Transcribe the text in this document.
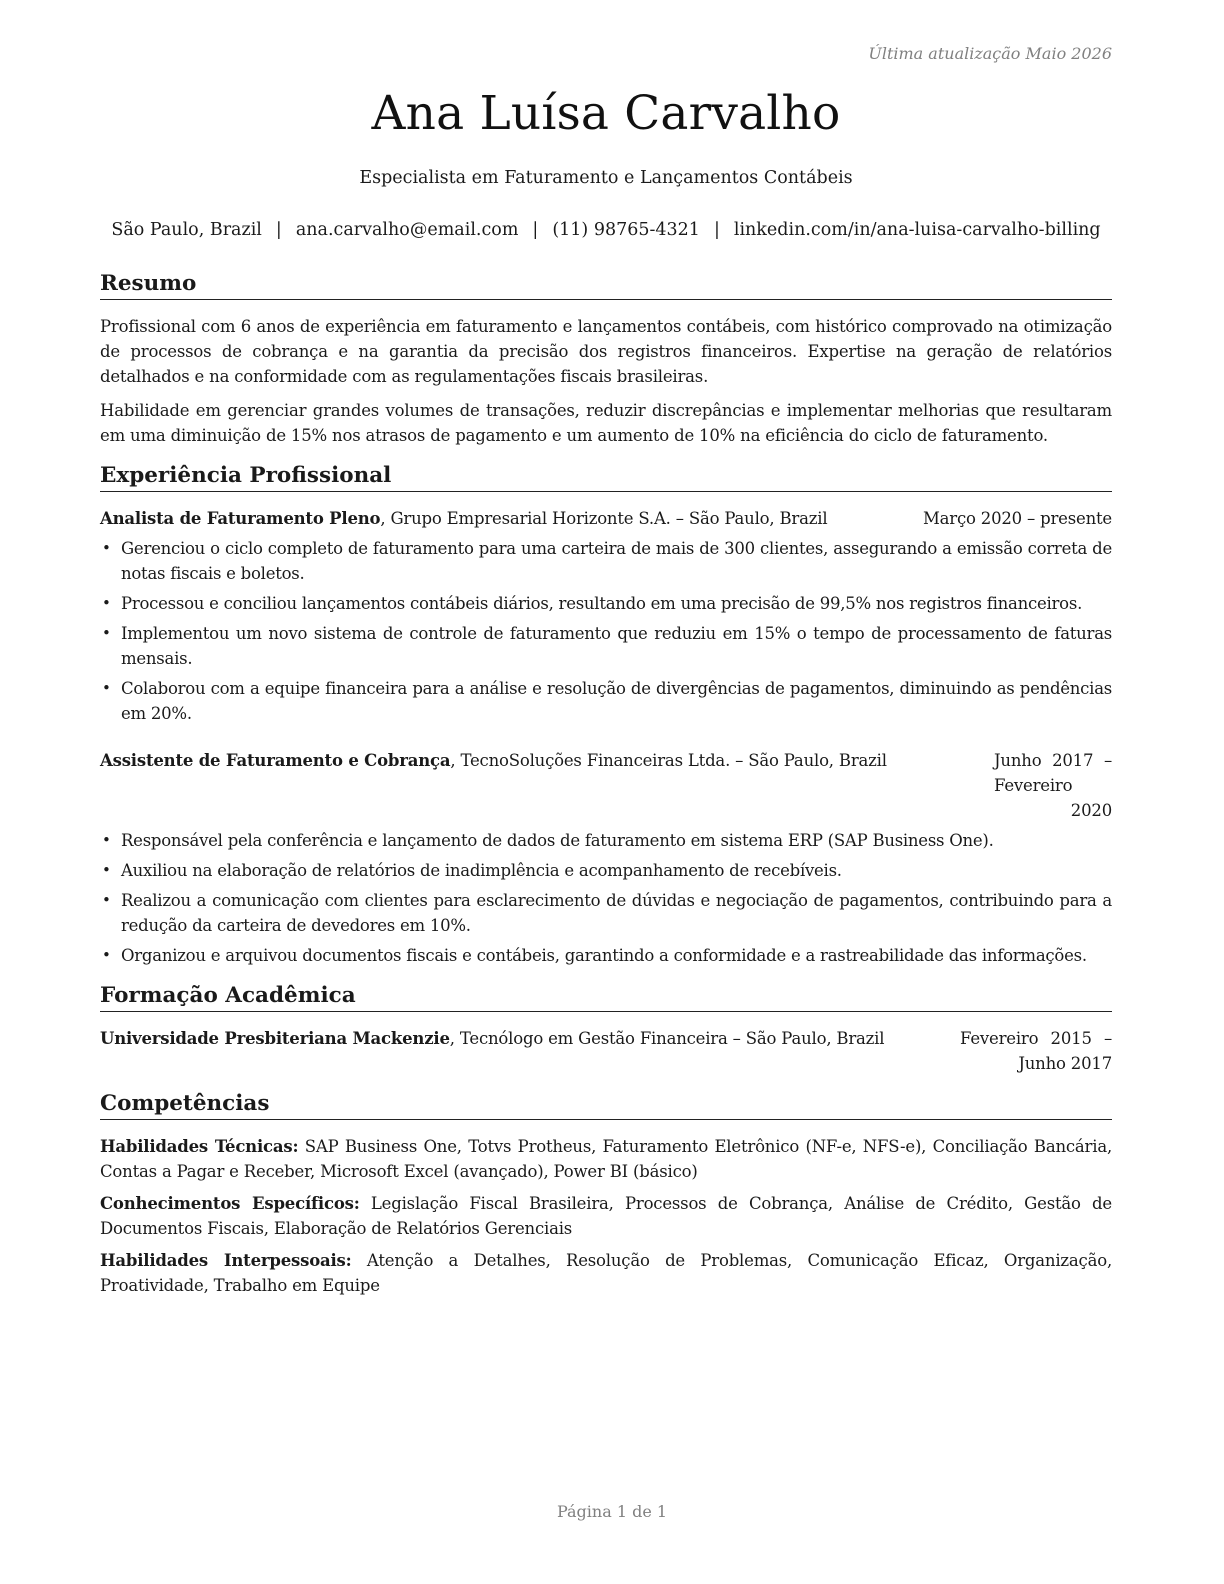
Última atualização Maio 2026
Ana Luísa Carvalho
Especialista em Faturamento e Lançamentos Contábeis
São Paulo, Brazil | ana.carvalho@email.com | (11) 98765-4321 | linkedin.com/in/ana-luisa-carvalho-billing
Resumo

Profissional com 6 anos de experiência em faturamento e lançamentos contábeis, com histórico comprovado na otimização de processos de cobrança e na garantia da precisão dos registros financeiros. Expertise na geração de relatórios detalhados e na conformidade com as regulamentações fiscais brasileiras.

Habilidade em gerenciar grandes volumes de transações, reduzir discrepâncias e implementar melhorias que resultaram em uma diminuição de 15% nos atrasos de pagamento e um aumento de 10% na eficiência do ciclo de faturamento.

Experiência Profissional
Analista de Faturamento Pleno, Grupo Empresarial Horizonte S.A. – São Paulo, Brazil	Março 2020 – presente
• Gerenciou o ciclo completo de faturamento para uma carteira de mais de 300 clientes, assegurando a emissão correta de notas fiscais e boletos.
• Processou e conciliou lançamentos contábeis diários, resultando em uma precisão de 99,5% nos registros financeiros.
• Implementou um novo sistema de controle de faturamento que reduziu em 15% o tempo de processamento de faturas mensais.
• Colaborou com a equipe financeira para a análise e resolução de divergências de pagamentos, diminuindo as pendências em 20%.
Assistente de Faturamento e Cobrança, TecnoSoluções Financeiras Ltda. – São Paulo, Brazil	Junho 2017 – Fevereiro 2020
• Responsável pela conferência e lançamento de dados de faturamento em sistema ERP (SAP Business One).
• Auxiliou na elaboração de relatórios de inadimplência e acompanhamento de recebíveis.
• Realizou a comunicação com clientes para esclarecimento de dúvidas e negociação de pagamentos, contribuindo para a redução da carteira de devedores em 10%.
• Organizou e arquivou documentos fiscais e contábeis, garantindo a conformidade e a rastreabilidade das informações.
Formação Acadêmica
Universidade Presbiteriana Mackenzie, Tecnólogo em Gestão Financeira – São Paulo, Brazil	Fevereiro 2015 – Junho 2017
Competências

Habilidades Técnicas: SAP Business One, Totvs Protheus, Faturamento Eletrônico (NF-e, NFS-e), Conciliação Bancária, Contas a Pagar e Receber, Microsoft Excel (avançado), Power BI (básico)

Conhecimentos Específicos: Legislação Fiscal Brasileira, Processos de Cobrança, Análise de Crédito, Gestão de Documentos Fiscais, Elaboração de Relatórios Gerenciais

Habilidades Interpessoais: Atenção a Detalhes, Resolução de Problemas, Comunicação Eficaz, Organização, Proatividade, Trabalho em Equipe

Página 1 de 1
